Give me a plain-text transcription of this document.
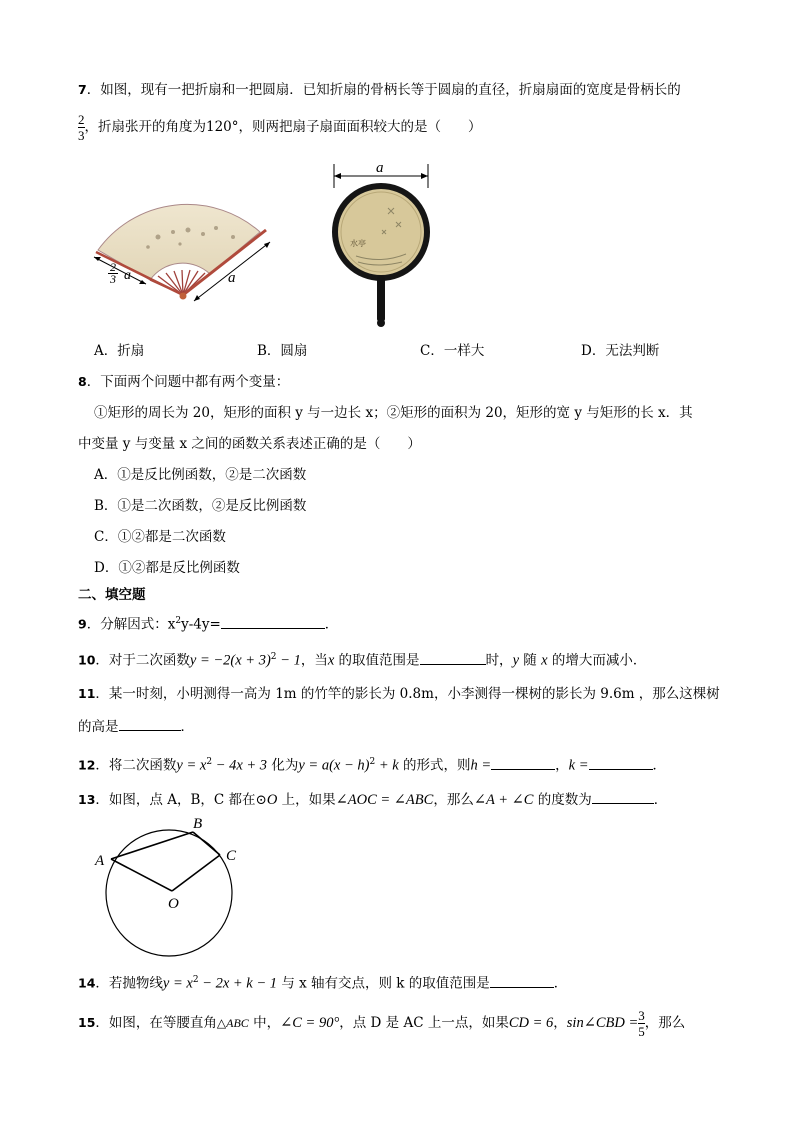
7．如图，现有一把折扇和一把圆扇．已知折扇的骨柄长等于圆扇的直径，折扇扇面的宽度是骨柄长的
$\frac{2}{3}$ ，折扇张开的角度为120°，则两把扇子扇面面积较大的是（　　）
2
3 a	a
水亭
a
A．折扇	B．圆扇	C．一样大	D．无法判断
8．下面两个问题中都有两个变量：
①矩形的周长为 20，矩形的面积 y 与一边长 x；②矩形的面积为 20，矩形的宽 y 与矩形的长 x．其
中变量 y 与变量 x 之间的函数关系表述正确的是（　　）
A．①是反比例函数，②是二次函数
B．①是二次函数，②是反比例函数
C．①②都是二次函数
D．①②都是反比例函数
二、填空题
9．分解因式：$x^2y-4y=$	．
10．对于二次函数$y = -2(x + 3)^2 - 1$，当x 的取值范围是	时，y 随 x 的增大而减小．
11．某一时刻，小明测得一高为 1m 的竹竿的影长为 0.8m，小李测得一棵树的影长为 9.6m ，那么这棵树
的高是	．
12．将二次函数$y = x^2 - 4x + 3$ 化为$y = a(x - h)^2 + k$ 的形式，则h =	，k =	．
13．如图，点 A，B，C 都在⊙O 上，如果∠AOC = ∠ABC，那么∠A + ∠C 的度数为	．
A
B
C
O
14．若抛物线$y = x^2 - 2x + k - 1$ 与 x 轴有交点，则 k 的取值范围是	．
15．如图，在等腰直角△ABC 中，∠C = 90°，点 D 是 AC 上一点，如果CD = 6，sin∠CBD = $\frac{3}{5}$ ，那么
